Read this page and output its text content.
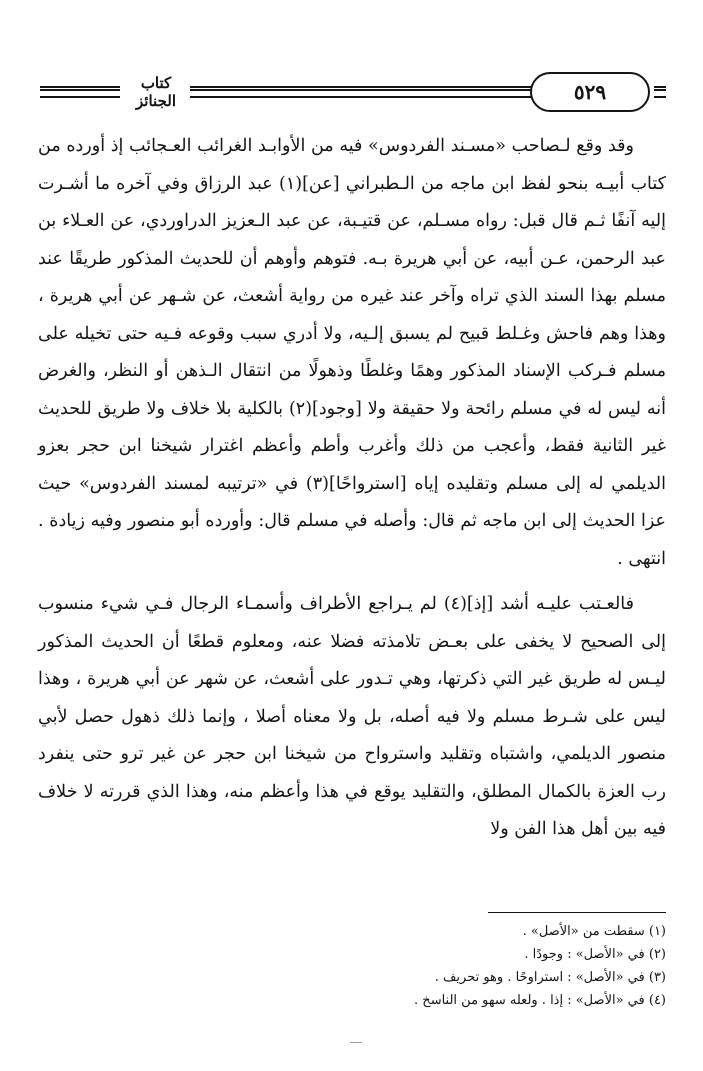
كتاب الجنائز	٥٢٩

وقد وقع لـصاحب «مسـند الفردوس» فيه من الأوابـد الغرائب العـجائب إذ أورده من كتاب أبيـه بنحو لفظ ابن ماجه من الـطبراني [عن](١) عبد الرزاق وفي آخره ما أشـرت إليه آنفًا ثـم قال قبل: رواه مسـلم، عن قتيـبة، عن عبد الـعزيز الدراوردي، عن العـلاء بن عبد الرحمن، عـن أبيه، عن أبي هريرة بـه. فتوهم وأوهم أن للحديث المذكور طريقًا عند مسلم بهذا السند الذي تراه وآخر عند غيره من رواية أشعث، عن شـهر عن أبي هريرة ، وهذا وهم فاحش وغـلط قبيح لم يسبق إلـيه، ولا أدري سبب وقوعه فـيه حتى تخيله على مسلم فـركب الإسناد المذكور وهمًا وغلطًا وذهولًا من انتقال الـذهن أو النظر، والغرض أنه ليس له في مسلم رائحة ولا حقيقة ولا [وجود](٢) بالكلية بلا خلاف ولا طريق للحديث غير الثانية فقط، وأعجب من ذلك وأغرب وأطم وأعظم اغترار شيخنا ابن حجر بعزو الديلمي له إلى مسلم وتقليده إياه [استرواحًا](٣) في «ترتيبه لمسند الفردوس» حيث عزا الحديث إلى ابن ماجه ثم قال: وأصله في مسلم قال: وأورده أبو منصور وفيه زيادة . انتهى .

فالعـتب عليـه أشد [إذ](٤) لم يـراجع الأطراف وأسمـاء الرجال فـي شيء منسوب إلى الصحيح لا يخفى على بعـض تلامذته فضلا عنه، ومعلوم قطعًا أن الحديث المذكور ليـس له طريق غير التي ذكرتها، وهي تـدور على أشعث، عن شهر عن أبي هريرة ، وهذا ليس على شـرط مسلم ولا فيه أصله، بل ولا معناه أصلا ، وإنما ذلك ذهول حصل لأبي منصور الديلمي، واشتباه وتقليد واسترواح من شيخنا ابن حجر عن غير ترو حتى ينفرد رب العزة بالكمال المطلق، والتقليد يوقع في هذا وأعظم منه، وهذا الذي قررته لا خلاف فيه بين أهل هذا الفن ولا

(١) سقطت من «الأصل» .

(٢) في «الأصل» : وجودًا .

(٣) في «الأصل» : استراوحًا . وهو تحريف .

(٤) في «الأصل» : إذا . ولعله سهو من الناسخ .
